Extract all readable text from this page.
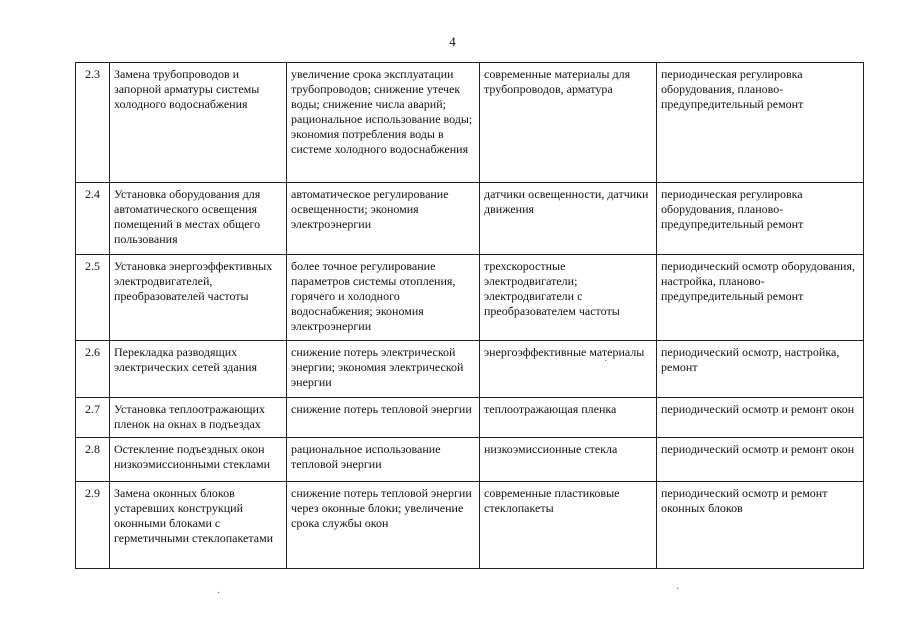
4
2.3	Замена трубопроводов и запорной арматуры системы холодного водоснабжения	увеличение срока эксплуатации трубопроводов; снижение утечек воды; снижение числа аварий; рациональное использование воды; экономия потребления воды в системе холодного водоснабжения	современные материалы для трубопроводов, арматура	периодическая регулировка оборудования, планово-предупредительный ремонт
2.4	Установка оборудования для автоматического освещения помещений в местах общего пользования	автоматическое регулирование освещенности; экономия электроэнергии	датчики освещенности, датчики движения	периодическая регулировка оборудования, планово-предупредительный ремонт
2.5	Установка энергоэффективных электродвигателей, преобразователей частоты	более точное регулирование параметров системы отопления, горячего и холодного водоснабжения; экономия электроэнергии	трехскоростные электродвигатели; электродвигатели с преобразователем частоты	периодический осмотр оборудования, настройка, планово-предупредительный ремонт
2.6	Перекладка разводящих электрических сетей здания	снижение потерь электрической энергии; экономия электрической энергии	энергоэффективные материалы	периодический осмотр, настройка, ремонт
2.7	Установка теплоотражающих пленок на окнах в подъездах	снижение потерь тепловой энергии	теплоотражающая пленка	периодический осмотр и ремонт окон
2.8	Остекление подъездных окон низкоэмиссионными стеклами	рациональное использование тепловой энергии	низкоэмиссионные стекла	периодический осмотр и ремонт окон
2.9	Замена оконных блоков устаревших конструкций оконными блоками с герметичными стеклопакетами	снижение потерь тепловой энергии через оконные блоки; увеличение срока службы окон	современные пластиковые стеклопакеты	периодический осмотр и ремонт оконных блоков
·	·
·
